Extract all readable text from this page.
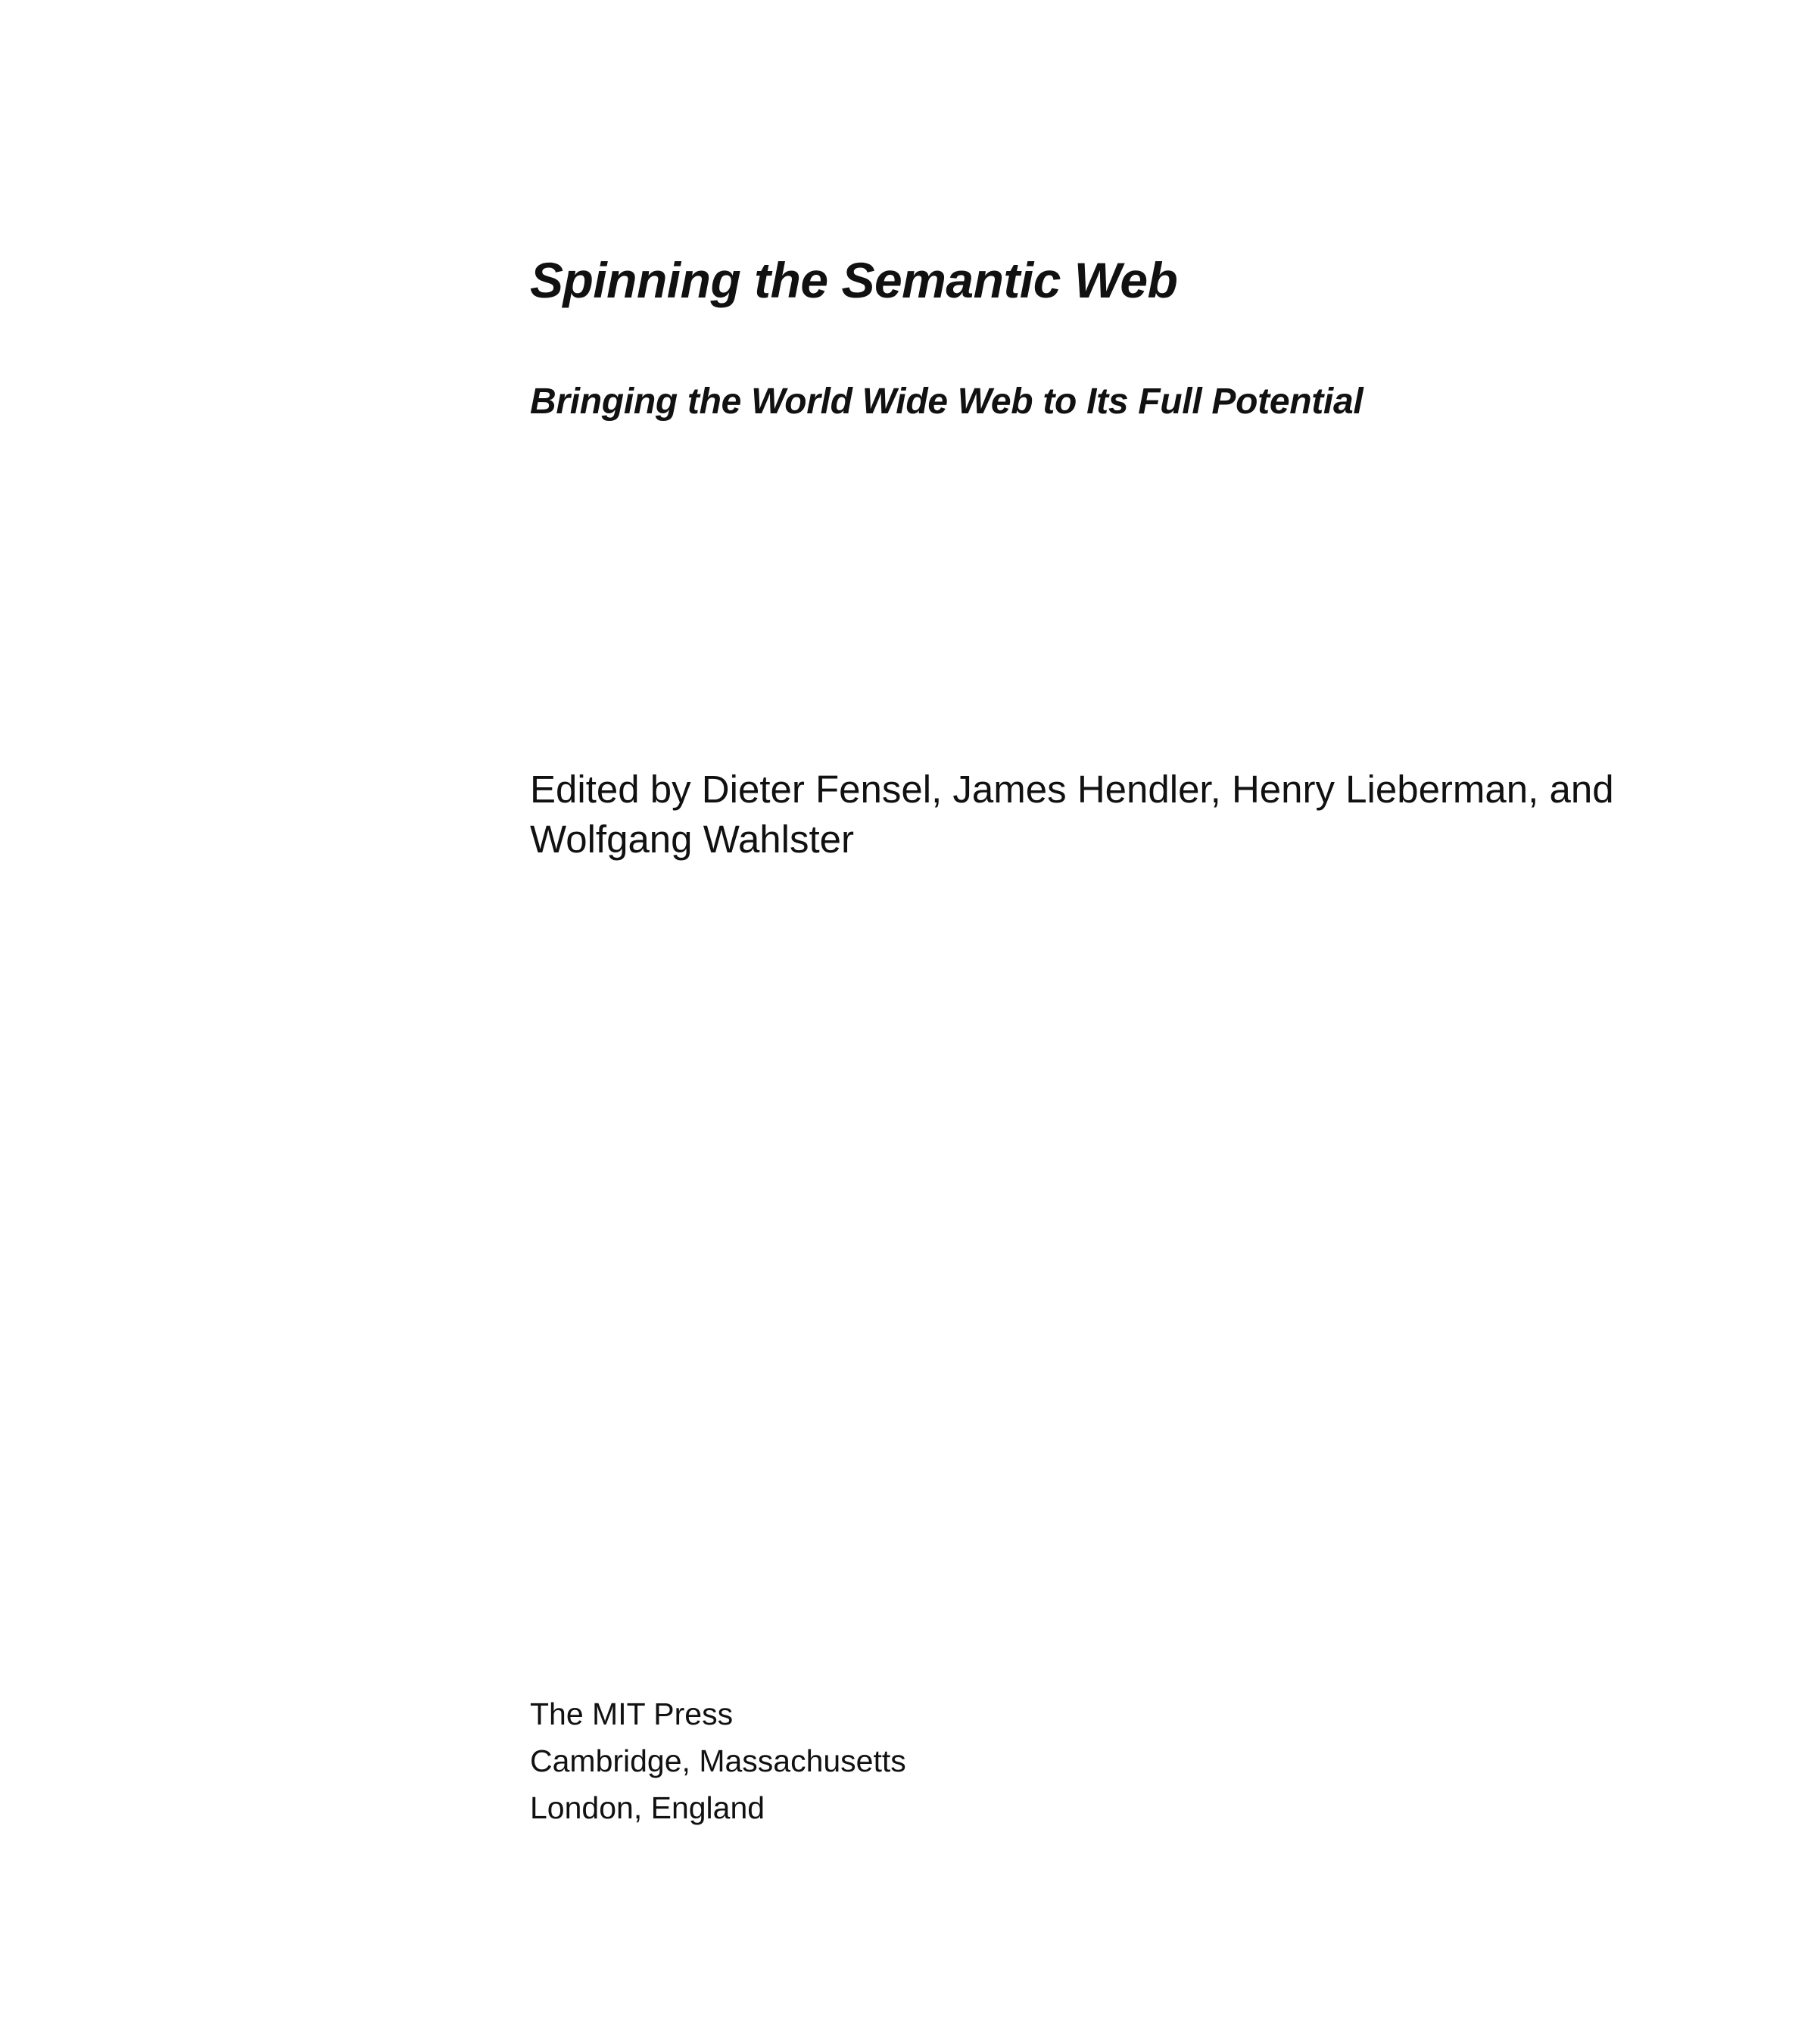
Spinning the Semantic Web
Bringing the World Wide Web to Its Full Potential
Edited by Dieter Fensel, James Hendler, Henry Lieberman, and
Wolfgang Wahlster
The MIT Press
Cambridge, Massachusetts
London, England
